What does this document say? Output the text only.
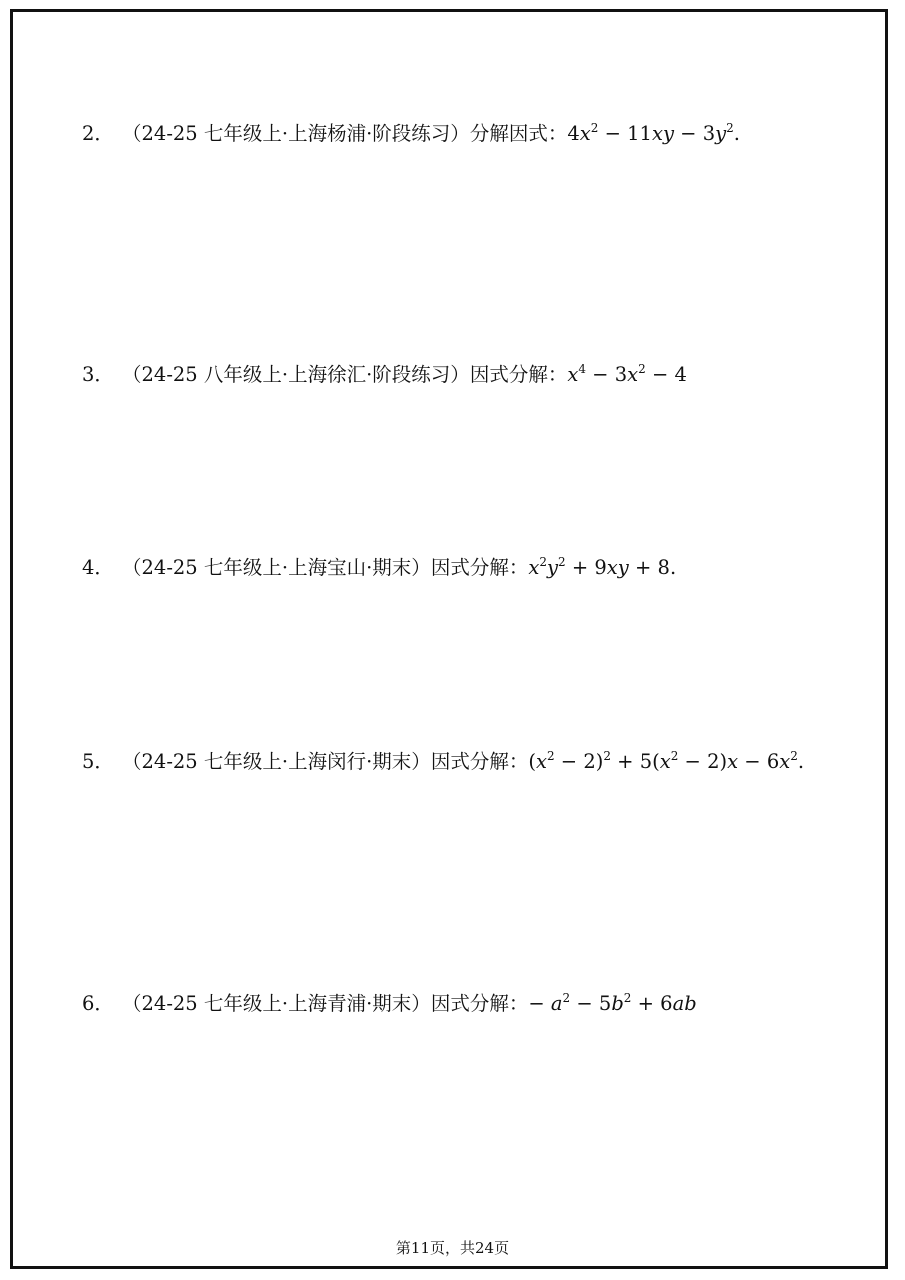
2． （24-25 七年级上·上海杨浦·阶段练习）分解因式：$4x^2 - 11xy - 3y^2$.
3． （24-25 八年级上·上海徐汇·阶段练习）因式分解：$x^4 - 3x^2 - 4$
4． （24-25 七年级上·上海宝山·期末）因式分解：$x^2y^2 + 9xy + 8$.
5． （24-25 七年级上·上海闵行·期末）因式分解：$(x^2 - 2)^2 + 5(x^2 - 2)x - 6x^2$.
6． （24-25 七年级上·上海青浦·期末）因式分解：− $a^2 - 5b^2 + 6ab$
第11页，共24页
